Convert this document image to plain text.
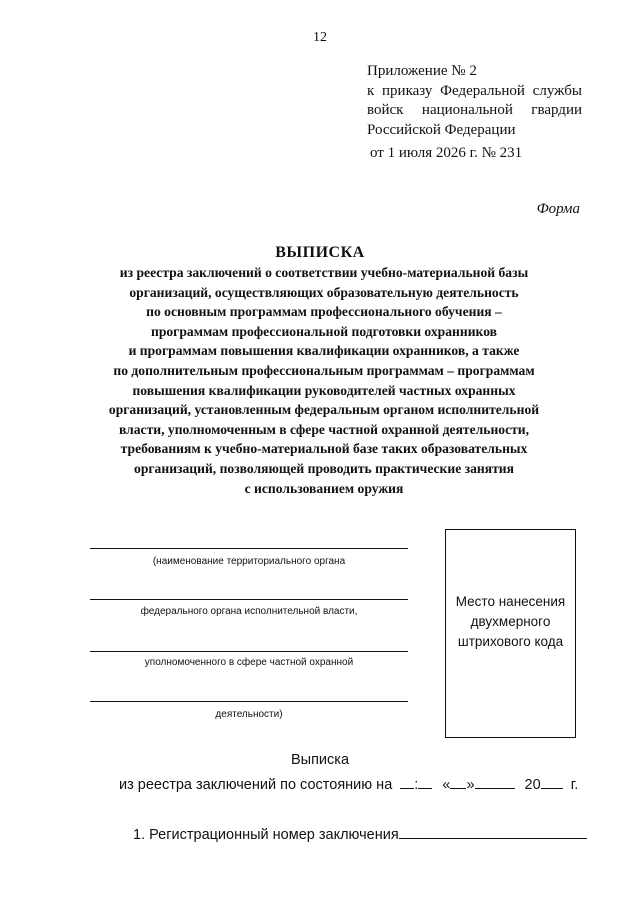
12
Приложение № 2
к приказу Федеральной службы
войск национальной гвардии
Российской Федерации
от 1 июля 2026 г. № 231
Форма
ВЫПИСКА
из реестра заключений о соответствии учебно-материальной базы
организаций, осуществляющих образовательную деятельность
по основным программам профессионального обучения –
программам профессиональной подготовки охранников
и программам повышения квалификации охранников, а также
по дополнительным профессиональным программам – программам
повышения квалификации руководителей частных охранных
организаций, установленным федеральным органом исполнительной
власти, уполномоченным в сфере частной охранной деятельности,
требованиям к учебно-материальной базе таких образовательных
организаций, позволяющей проводить практические занятия
с использованием оружия
(наименование территориального органа
федерального органа исполнительной власти,
уполномоченного в сфере частной охранной
деятельности)
Место нанесения
двухмерного
штрихового кода
Выписка
из реестра заключений по состоянию на : « »	20 г.
1. Регистрационный номер заключения
